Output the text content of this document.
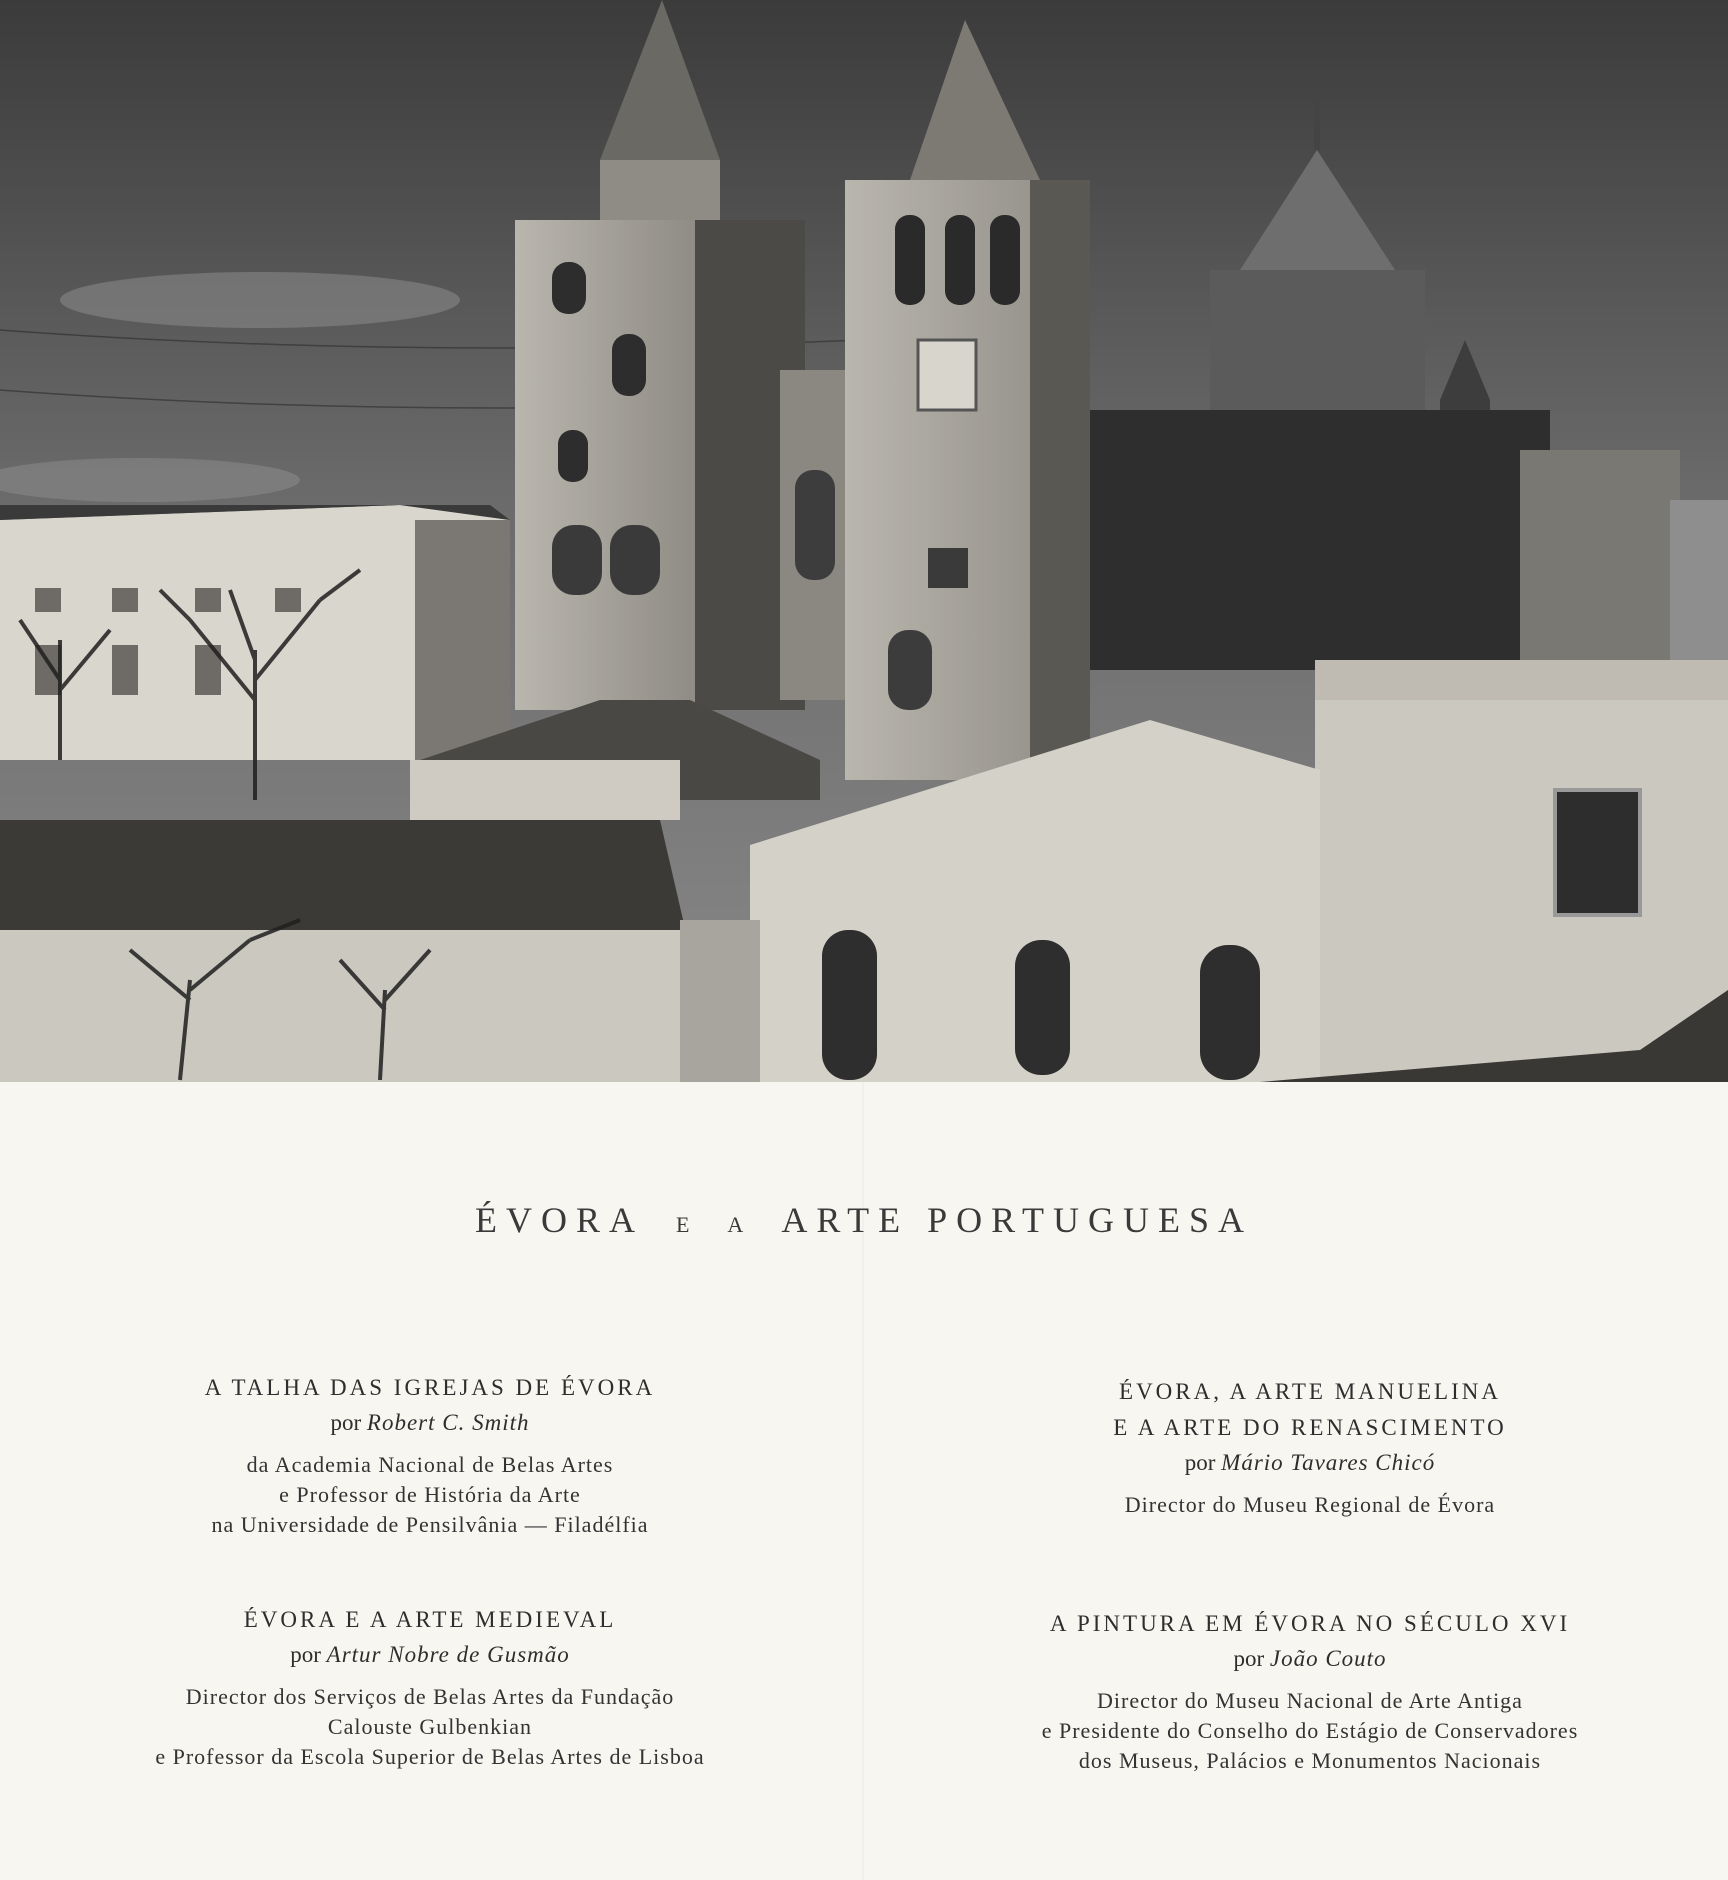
ÉVORA E A ARTE PORTUGUESA
A TALHA DAS IGREJAS DE ÉVORA
por Robert C. Smith
da Academia Nacional de Belas Artes
e Professor de História da Arte
na Universidade de Pensilvânia — Filadélfia
ÉVORA E A ARTE MEDIEVAL
por Artur Nobre de Gusmão
Director dos Serviços de Belas Artes da Fundação
Calouste Gulbenkian
e Professor da Escola Superior de Belas Artes de Lisboa
ÉVORA, A ARTE MANUELINA
E A ARTE DO RENASCIMENTO
por Mário Tavares Chicó
Director do Museu Regional de Évora
A PINTURA EM ÉVORA NO SÉCULO XVI
por João Couto
Director do Museu Nacional de Arte Antiga
e Presidente do Conselho do Estágio de Conservadores
dos Museus, Palácios e Monumentos Nacionais
